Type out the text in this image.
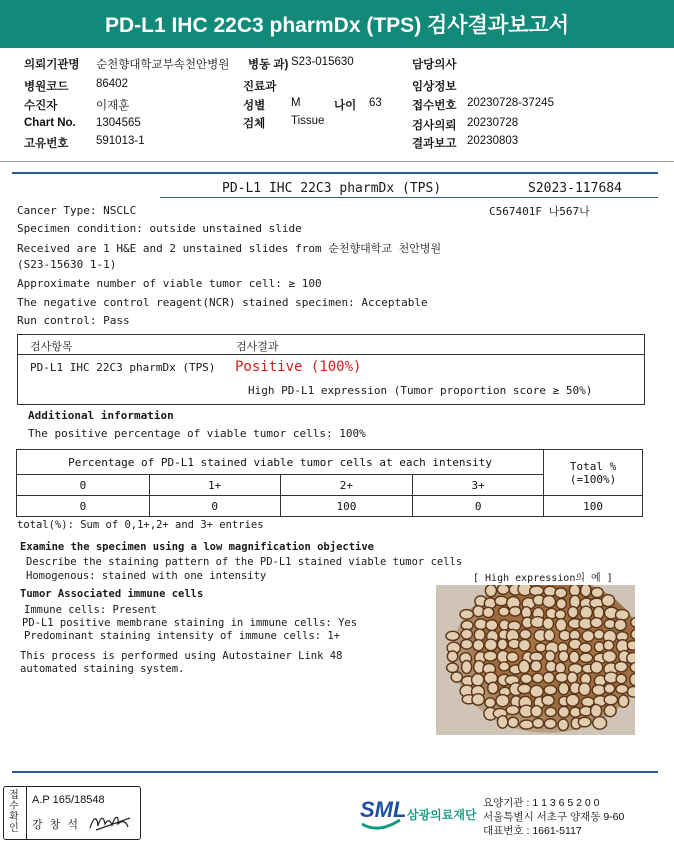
PD-L1 IHC 22C3 pharmDx (TPS) 검사결과보고서
의뢰기관명 순천향대학교부속천안병원 병동 과) S23-015630	담당의사
병원코드 86402	진료과	임상정보
수진자	이재훈	성별 M	나이 63	접수번호 20230728-37245
Chart No. 1304565	검체 Tissue	검사의뢰 20230728
고유번호 591013-1	결과보고 20230803
PD-L1 IHC 22C3 pharmDx (TPS)	S2023-117684
Cancer Type: NSCLC	C567401F 나567나
Specimen condition: outside unstained slide
Received are 1 H&E and 2 unstained slides from 순천향대학교 천안병원
(S23-15630 1-1)
Approximate number of viable tumor cell: ≥ 100
The negative control reagent(NCR) stained specimen: Acceptable
Run control: Pass
검사항목	검사결과
PD-L1 IHC 22C3 pharmDx (TPS) Positive (100%)
High PD-L1 expression (Tumor proportion score ≥ 50%)
Additional information
The positive percentage of viable tumor cells: 100%
Percentage of PD-L1 stained viable tumor cells at each intensity				Total %
(=100%)

0	1+	2+	3+	
0	0	100	0	100
total(%): Sum of 0,1+,2+ and 3+ entries
Examine the specimen using a low magnification objective
Describe the staining pattern of the PD-L1 stained viable tumor cells
Homogenous: stained with one intensity	[ High expression의 예 ]
Tumor Associated immune cells
Immune cells: Present
PD-L1 positive membrane staining in immune cells: Yes
Predominant staining intensity of immune cells: 1+
This process is performed using Autostainer Link 48
automated staining system.
접수확인
A.P 165/18548
강 창 석
SML 삼광의료재단
요양기관 : 1 1 3 6 5 2 0 0
서울특별시 서초구 양재동 9-60
대표번호 : 1661-5117
